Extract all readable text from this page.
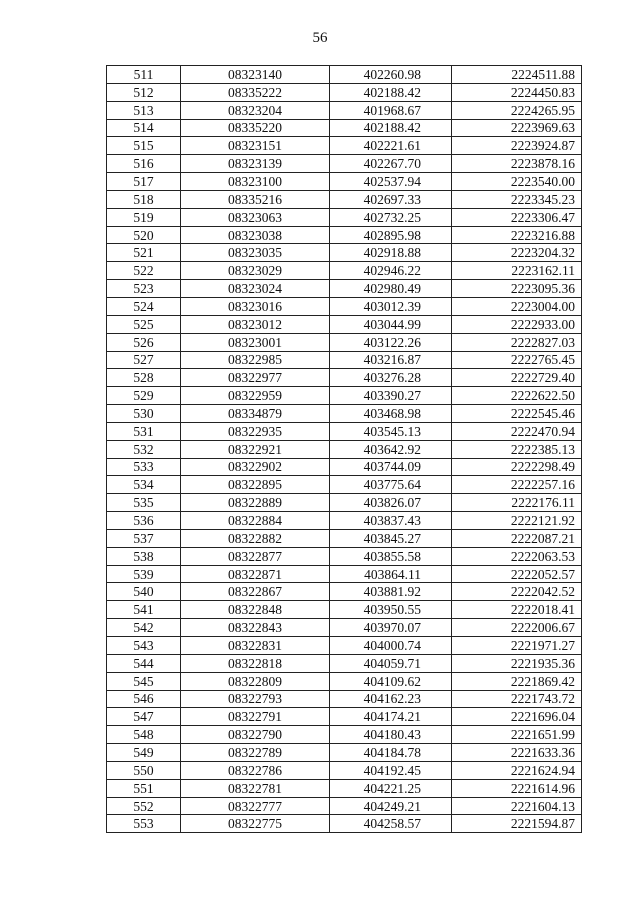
56
511	08323140	402260.98	2224511.88
512	08335222	402188.42	2224450.83
513	08323204	401968.67	2224265.95
514	08335220	402188.42	2223969.63
515	08323151	402221.61	2223924.87
516	08323139	402267.70	2223878.16
517	08323100	402537.94	2223540.00
518	08335216	402697.33	2223345.23
519	08323063	402732.25	2223306.47
520	08323038	402895.98	2223216.88
521	08323035	402918.88	2223204.32
522	08323029	402946.22	2223162.11
523	08323024	402980.49	2223095.36
524	08323016	403012.39	2223004.00
525	08323012	403044.99	2222933.00
526	08323001	403122.26	2222827.03
527	08322985	403216.87	2222765.45
528	08322977	403276.28	2222729.40
529	08322959	403390.27	2222622.50
530	08334879	403468.98	2222545.46
531	08322935	403545.13	2222470.94
532	08322921	403642.92	2222385.13
533	08322902	403744.09	2222298.49
534	08322895	403775.64	2222257.16
535	08322889	403826.07	2222176.11
536	08322884	403837.43	2222121.92
537	08322882	403845.27	2222087.21
538	08322877	403855.58	2222063.53
539	08322871	403864.11	2222052.57
540	08322867	403881.92	2222042.52
541	08322848	403950.55	2222018.41
542	08322843	403970.07	2222006.67
543	08322831	404000.74	2221971.27
544	08322818	404059.71	2221935.36
545	08322809	404109.62	2221869.42
546	08322793	404162.23	2221743.72
547	08322791	404174.21	2221696.04
548	08322790	404180.43	2221651.99
549	08322789	404184.78	2221633.36
550	08322786	404192.45	2221624.94
551	08322781	404221.25	2221614.96
552	08322777	404249.21	2221604.13
553	08322775	404258.57	2221594.87
